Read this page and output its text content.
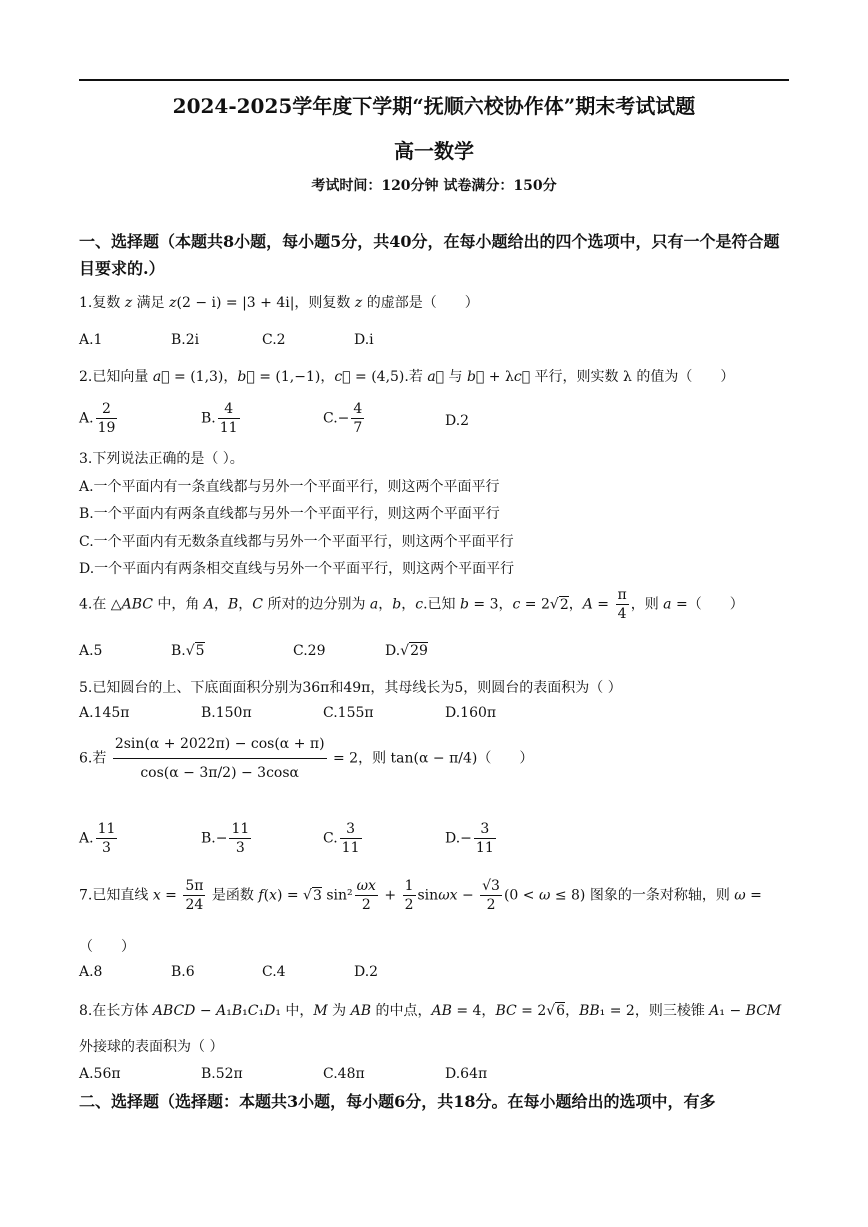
2024-2025学年度下学期“抚顺六校协作体”期末考试试题
高一数学
考试时间：120分钟 试卷满分：150分
一、选择题（本题共8小题，每小题5分，共40分，在每小题给出的四个选项中，只有一个是符合题目要求的.）
1.复数 z 满足 z(2 − i) = |3 + 4i|，则复数 z 的虚部是（　　）
A.1	B.2i	C.2	D.i
2.已知向量 a⃗ = (1,3)，b⃗ = (1,−1)，c⃗ = (4,5).若 a⃗ 与 b⃗ + λc⃗ 平行，则实数 λ 的值为（　　）
A. $\frac{2}{19}$	B. $\frac{4}{11}$	$C.- \frac{4}{7}$	D.2
3.下列说法正确的是（ ）。
A.一个平面内有一条直线都与另外一个平面平行，则这两个平面平行
B.一个平面内有两条直线都与另外一个平面平行，则这两个平面平行
C.一个平面内有无数条直线都与另外一个平面平行，则这两个平面平行
D.一个平面内有两条相交直线与另外一个平面平行，则这两个平面平行
4.在 △ABC 中，角 A，B，C 所对的边分别为 a，b，c.已知 b = 3，c = 2√2，$A = \frac{\pi}{4}$ ，则 a =（　　）
A.5	B.√5	C.29	D.√29
5.已知圆台的上、下底面面积分别为36π和49π，其母线长为5，则圆台的表面积为（ ）
A.145π	B.150π	C.155π	D.160π
6.若 $\frac{2\sin(\alpha + 2022\pi) - \cos(\alpha + \pi)}{\cos(\alpha - 3\pi/2) - 3\cos\alpha} = 2$，则 tan(α − π/4)（　　）
A. $\frac{11}{3}$	$B.- \frac{11}{3}$	C. $\frac{3}{11}$	$D.- \frac{3}{11}$
7.已知直线 $x = \frac{5\pi}{24}$ 是函数 f(x) = √3 $\sin^2 \frac{\omega x}{2} + \frac{1}{2}$ $\sin\omega x - \frac{√3}{2} (0 < \omega \le 8)$ 图象的一条对称轴，则 ω =
（　　）
A.8	B.6	C.4	D.2
8.在长方体 ABCD − A₁B₁C₁D₁ 中，M 为 AB 的中点，AB = 4，BC = 2√6，BB₁ = 2，则三棱锥 A₁ − BCM
外接球的表面积为（ ）
A.56π	B.52π	C.48π	D.64π
二、选择题（选择题：本题共3小题，每小题6分，共18分。在每小题给出的选项中，有多
